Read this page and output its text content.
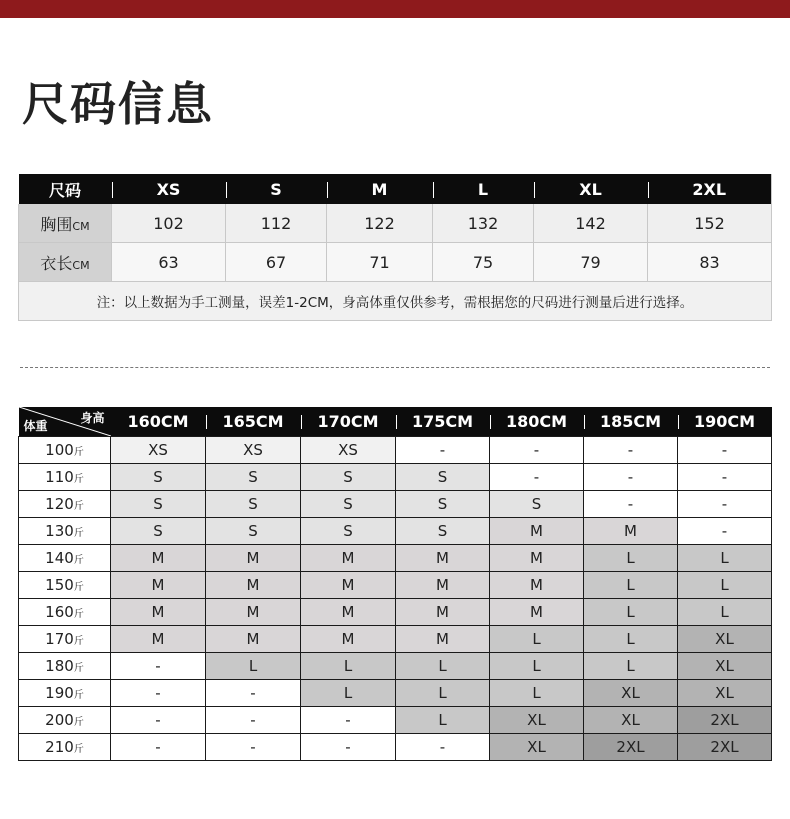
尺码信息
尺码	XS	S	M	L	XL	2XL
胸围CM	102	112	122	132	142	152
衣长CM	63	67	71	75	79	83
注：以上数据为手工测量，误差1-2CM，身高体重仅供参考，需根据您的尺码进行测量后进行选择。						
身高
体重	160CM	165CM	170CM	175CM	180CM	185CM	190CM
100斤	XS	XS	XS	-	-	-	-
110斤	S	S	S	S	-	-	-
120斤	S	S	S	S	S	-	-
130斤	S	S	S	S	M	M	-
140斤	M	M	M	M	M	L	L
150斤	M	M	M	M	M	L	L
160斤	M	M	M	M	M	L	L
170斤	M	M	M	M	L	L	XL
180斤	-	L	L	L	L	L	XL
190斤	-	-	L	L	L	XL	XL
200斤	-	-	-	L	XL	XL	2XL
210斤	-	-	-	-	XL	2XL	2XL
